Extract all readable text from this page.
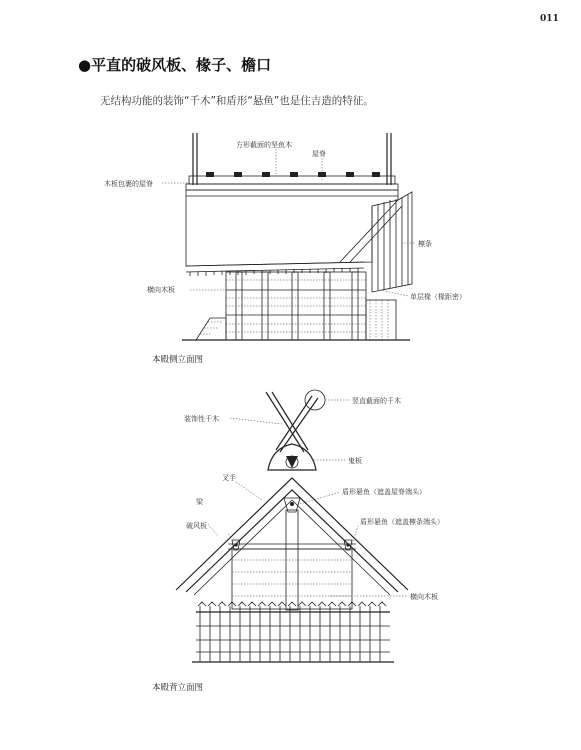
011
●平直的破风板、椽子、檐口
无结构功能的装饰“千木”和盾形“悬鱼”也是住吉造的特征。
方形截面的坚鱼木
屋脊
木板包裹的屋脊
檩条
横向木板
单层椽（椽距密）
本殿侧立面图
竖直截面的千木
装饰性千木
鬼板
叉手
盾形悬鱼（遮盖屋脊端头）
梁
盾形悬鱼（遮盖檩条端头）
破风板
横向木板
本殿背立面图
